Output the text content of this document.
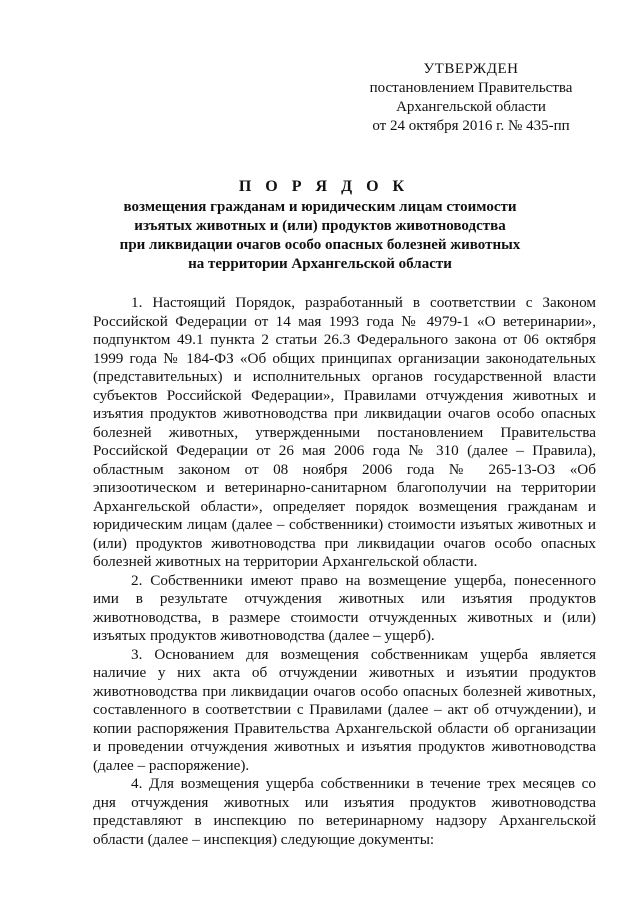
УТВЕРЖДЕН
постановлением Правительства
Архангельской области
от 24 октября 2016 г. № 435-пп
П О Р Я Д О К
возмещения гражданам и юридическим лицам стоимости
изъятых животных и (или) продуктов животноводства
при ликвидации очагов особо опасных болезней животных
на территории Архангельской области

1. Настоящий Порядок, разработанный в соответствии с Законом Российской Федерации от 14 мая 1993 года № 4979-1 «О ветеринарии», подпунктом 49.1 пункта 2 статьи 26.3 Федерального закона от 06 октября 1999 года № 184-ФЗ «Об общих принципах организации законодательных (представительных) и исполнительных органов государственной власти субъектов Российской Федерации», Правилами отчуждения животных и изъятия продуктов животноводства при ликвидации очагов особо опасных болезней животных, утвержденными постановлением Правительства Российской Федерации от 26 мая 2006 года № 310 (далее – Правила), областным законом от 08 ноября 2006 года № 265-13-ОЗ «Об эпизоотическом и ветеринарно-санитарном благополучии на территории Архангельской области», определяет порядок возмещения гражданам и юридическим лицам (далее – собственники) стоимости изъятых животных и (или) продуктов животноводства при ликвидации очагов особо опасных болезней животных на территории Архангельской области.

2. Собственники имеют право на возмещение ущерба, понесенного ими в результате отчуждения животных или изъятия продуктов животноводства, в размере стоимости отчужденных животных и (или) изъятых продуктов животноводства (далее – ущерб).

3. Основанием для возмещения собственникам ущерба является наличие у них акта об отчуждении животных и изъятии продуктов животноводства при ликвидации очагов особо опасных болезней животных, составленного в соответствии с Правилами (далее – акт об отчуждении), и копии распоряжения Правительства Архангельской области об организации и проведении отчуждения животных и изъятия продуктов животноводства (далее – распоряжение).

4. Для возмещения ущерба собственники в течение трех месяцев со дня отчуждения животных или изъятия продуктов животноводства представляют в инспекцию по ветеринарному надзору Архангельской области (далее – инспекция) следующие документы:
